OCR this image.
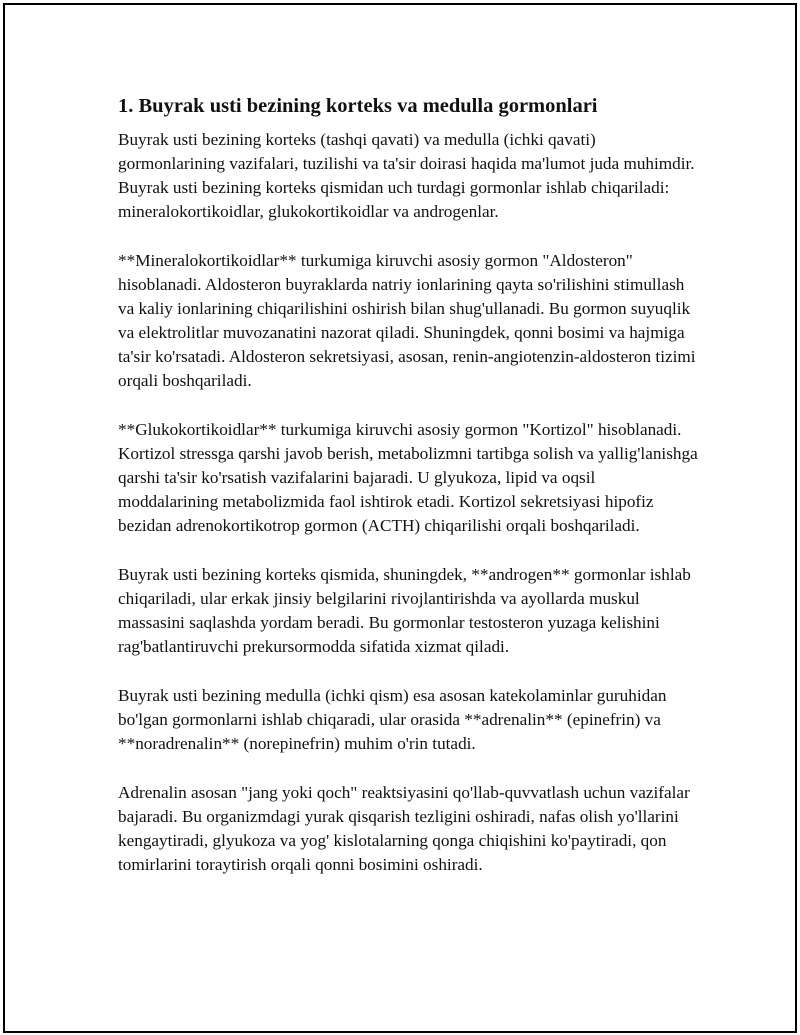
1. Buyrak usti bezining korteks va medulla gormonlari

Buyrak usti bezining korteks (tashqi qavati) va medulla (ichki qavati) gormonlarining vazifalari, tuzilishi va ta'sir doirasi haqida ma'lumot juda muhimdir. Buyrak usti bezining korteks qismidan uch turdagi gormonlar ishlab chiqariladi: mineralokortikoidlar, glukokortikoidlar va androgenlar.

**Mineralokortikoidlar** turkumiga kiruvchi asosiy gormon "Aldosteron" hisoblanadi. Aldosteron buyraklarda natriy ionlarining qayta so'rilishini stimullash va kaliy ionlarining chiqarilishini oshirish bilan shug'ullanadi. Bu gormon suyuqlik va elektrolitlar muvozanatini nazorat qiladi. Shuningdek, qonni bosimi va hajmiga ta'sir ko'rsatadi. Aldosteron sekretsiyasi, asosan, renin-angiotenzin-aldosteron tizimi orqali boshqariladi.

**Glukokortikoidlar** turkumiga kiruvchi asosiy gormon "Kortizol" hisoblanadi. Kortizol stressga qarshi javob berish, metabolizmni tartibga solish va yallig'lanishga qarshi ta'sir ko'rsatish vazifalarini bajaradi. U glyukoza, lipid va oqsil moddalarining metabolizmida faol ishtirok etadi. Kortizol sekretsiyasi hipofiz bezidan adrenokortikotrop gormon (ACTH) chiqarilishi orqali boshqariladi.

Buyrak usti bezining korteks qismida, shuningdek, **androgen** gormonlar ishlab chiqariladi, ular erkak jinsiy belgilarini rivojlantirishda va ayollarda muskul massasini saqlashda yordam beradi. Bu gormonlar testosteron yuzaga kelishini rag'batlantiruvchi prekursormodda sifatida xizmat qiladi.

Buyrak usti bezining medulla (ichki qism) esa asosan katekolaminlar guruhidan bo'lgan gormonlarni ishlab chiqaradi, ular orasida **adrenalin** (epinefrin) va **noradrenalin** (norepinefrin) muhim o'rin tutadi.

Adrenalin asosan "jang yoki qoch" reaktsiyasini qo'llab-quvvatlash uchun vazifalar bajaradi. Bu organizmdagi yurak qisqarish tezligini oshiradi, nafas olish yo'llarini kengaytiradi, glyukoza va yog' kislotalarning qonga chiqishini ko'paytiradi, qon tomirlarini toraytirish orqali qonni bosimini oshiradi.
